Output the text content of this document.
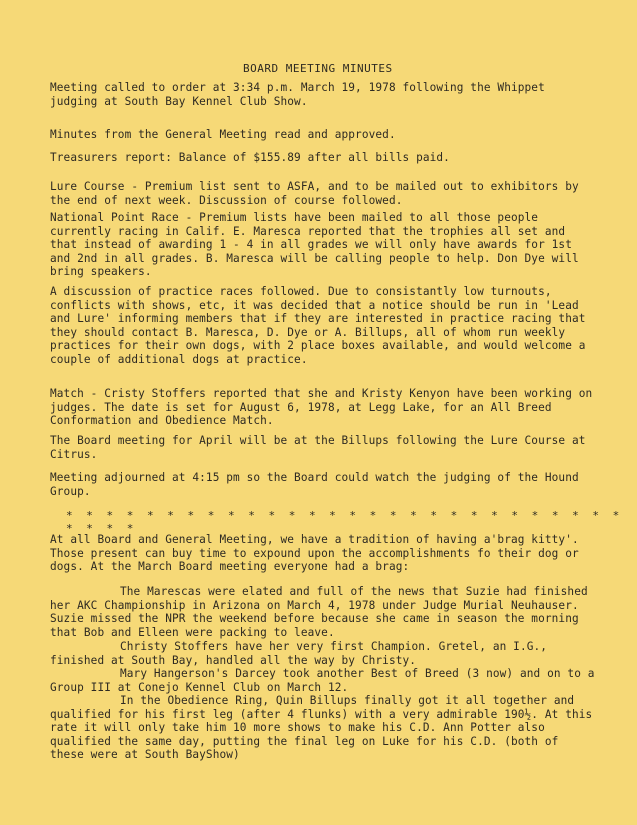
BOARD MEETING MINUTES
Meeting called to order at 3:34 p.m. March 19, 1978 following the Whippet judging at South Bay Kennel Club Show.
Minutes from the General Meeting read and approved.
Treasurers report: Balance of $155.89 after all bills paid.
Lure Course - Premium list sent to ASFA, and to be mailed out to exhibitors by the end of next week. Discussion of course followed.
National Point Race - Premium lists have been mailed to all those people currently racing in Calif. E. Maresca reported that the trophies all set and that instead of awarding 1 - 4 in all grades we will only have awards for 1st and 2nd in all grades. B. Maresca will be calling people to help. Don Dye will bring speakers.
A discussion of practice races followed. Due to consistantly low turnouts, conflicts with shows, etc, it was decided that a notice should be run in 'Lead and Lure' informing members that if they are interested in practice racing that they should contact B. Maresca, D. Dye or A. Billups, all of whom run weekly practices for their own dogs, with 2 place boxes available, and would welcome a couple of additional dogs at practice.
Match - Cristy Stoffers reported that she and Kristy Kenyon have been working on judges. The date is set for August 6, 1978, at Legg Lake, for an All Breed Conformation and Obedience Match.
The Board meeting for April will be at the Billups following the Lure Course at Citrus.
Meeting adjourned at 4:15 pm so the Board could watch the judging of the Hound Group.
* * * * * * * * * * * * * * * * * * * * * * * * * * * * * * * *
At all Board and General Meeting, we have a tradition of having a'brag kitty'. Those present can buy time to expound upon the accomplishments fo their dog or dogs. At the March Board meeting everyone had a brag:
The Marescas were elated and full of the news that Suzie had finished her AKC Championship in Arizona on March 4, 1978 under Judge Murial Neuhauser. Suzie missed the NPR the weekend before because she came in season the morning that Bob and Elleen were packing to leave.
Christy Stoffers have her very first Champion. Gretel, an I.G., finished at South Bay, handled all the way by Christy.
Mary Hangerson's Darcey took another Best of Breed (3 now) and on to a Group III at Conejo Kennel Club on March 12.
In the Obedience Ring, Quin Billups finally got it all together and qualified for his first leg (after 4 flunks) with a very admirable 190½. At this rate it will only take him 10 more shows to make his C.D. Ann Potter also qualified the same day, putting the final leg on Luke for his C.D. (both of these were at South BayShow)
